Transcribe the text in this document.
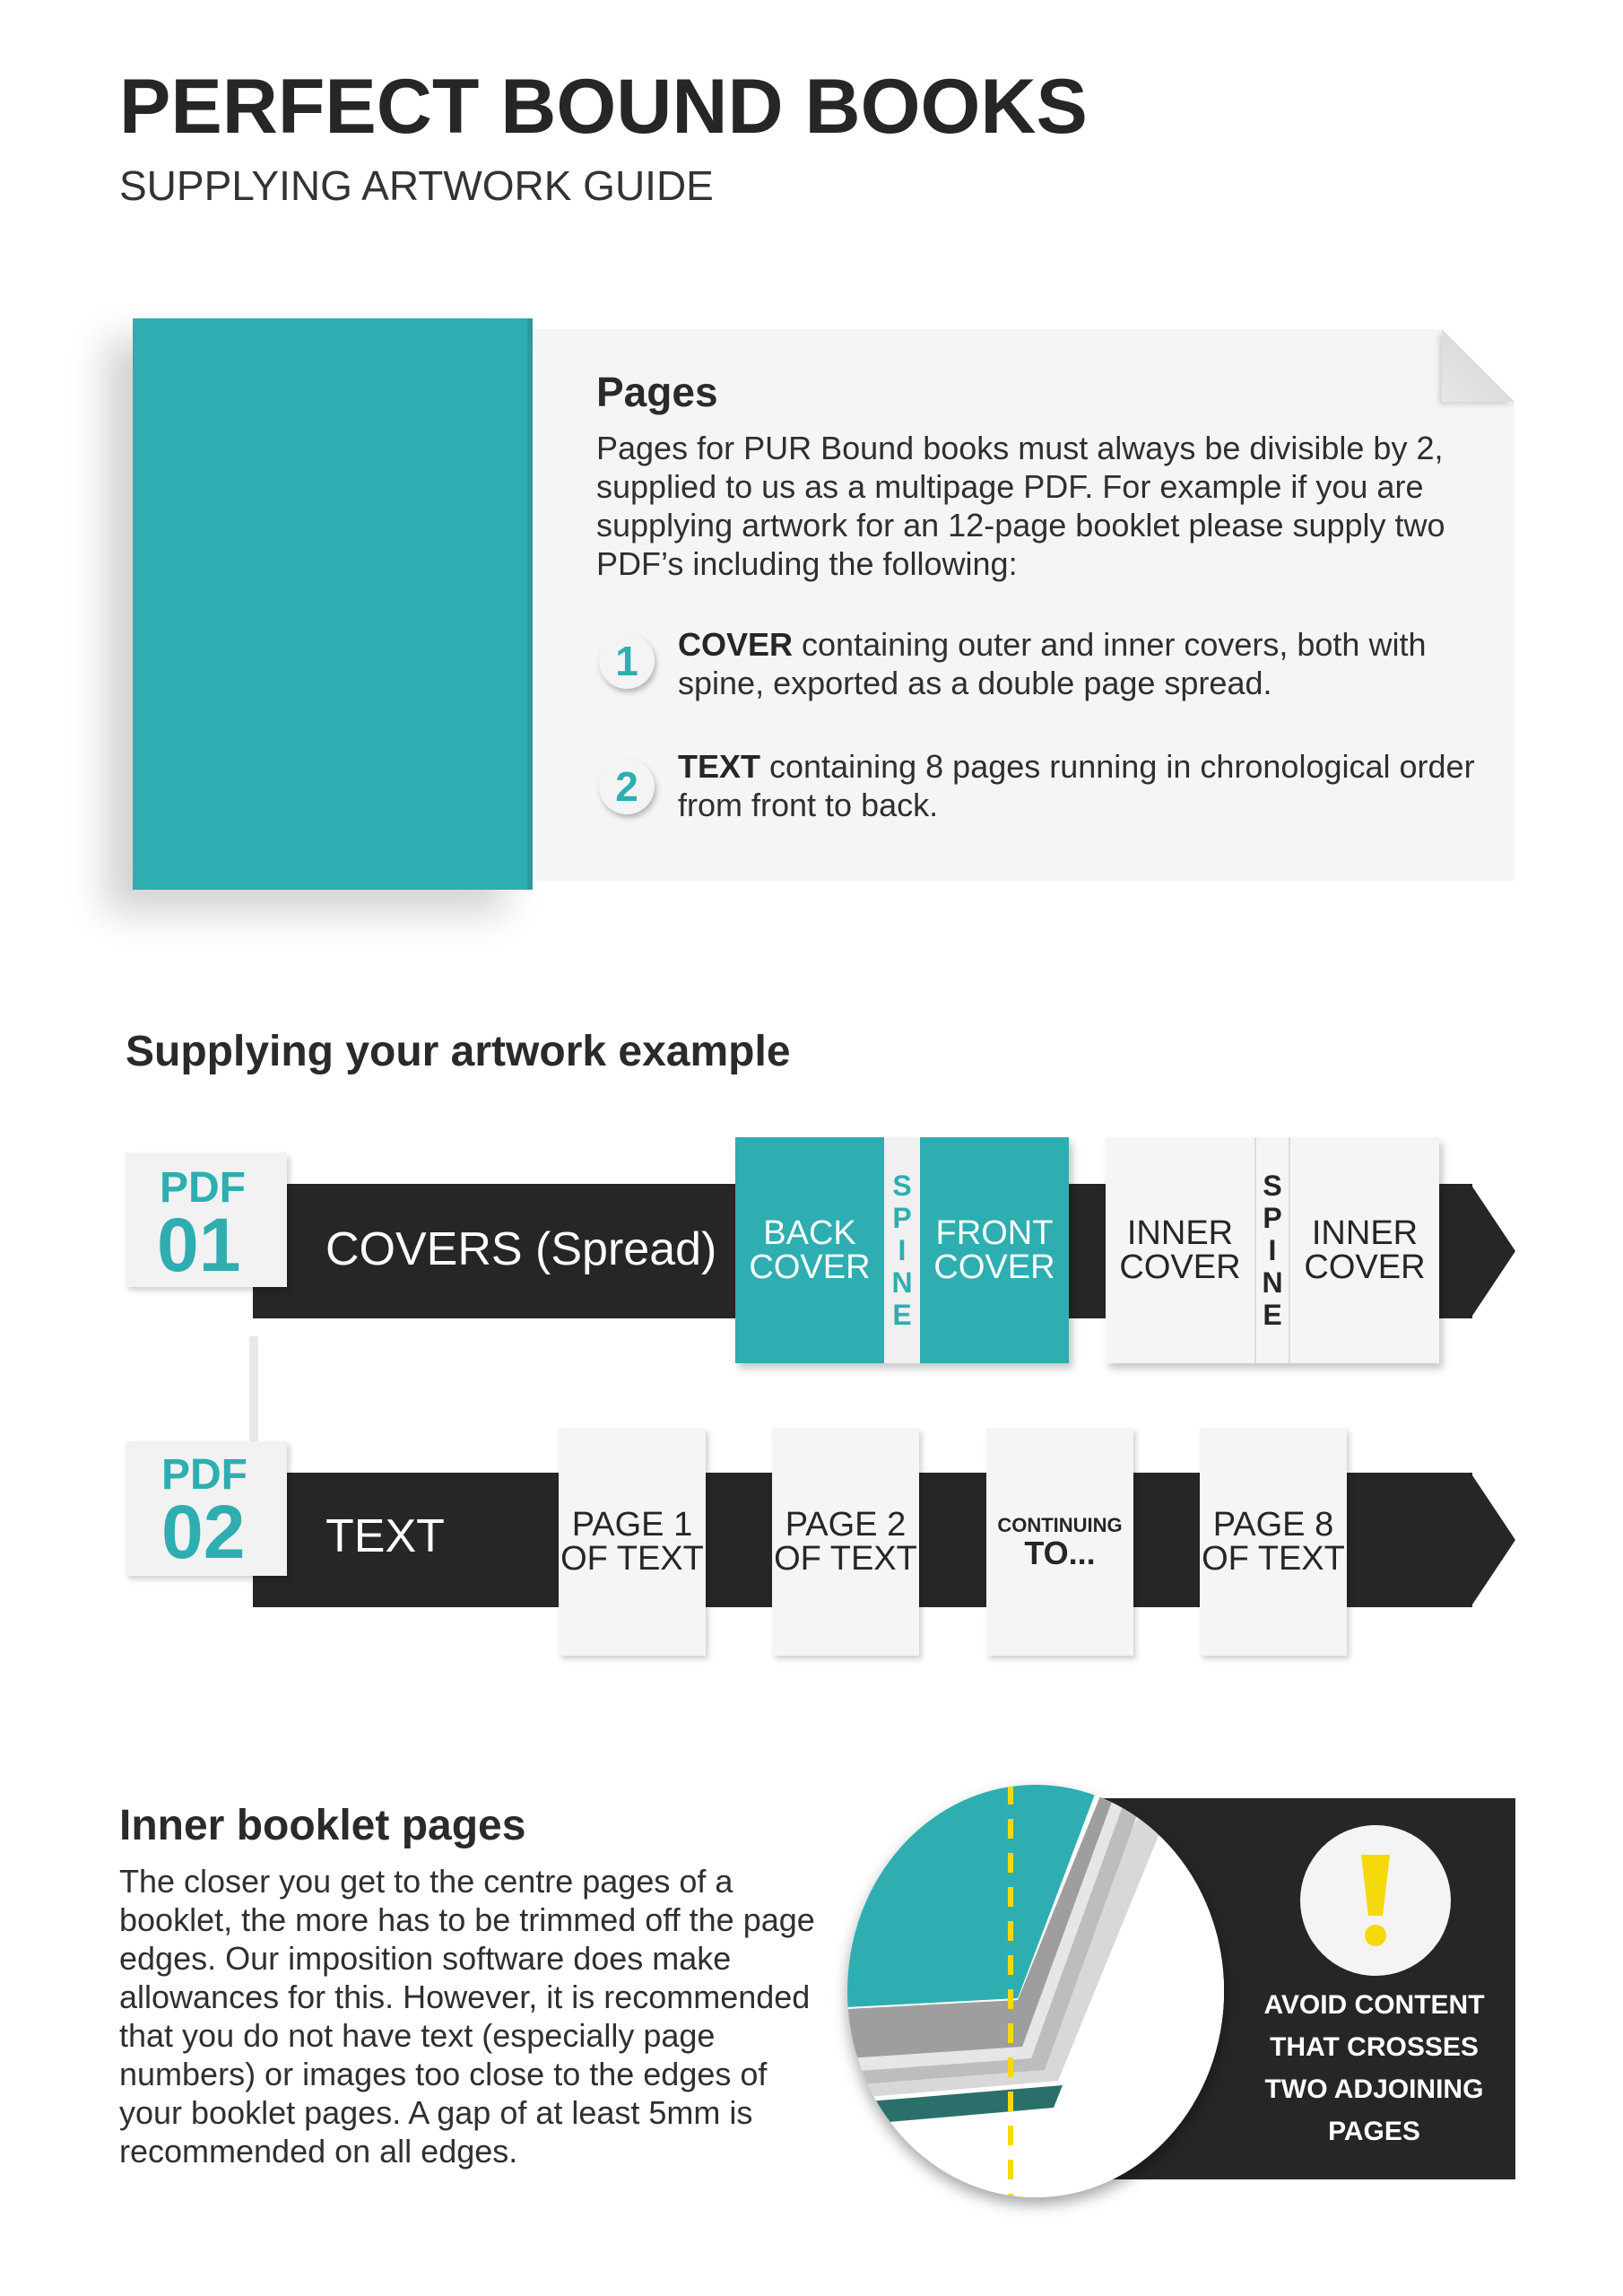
PERFECT BOUND BOOKS
SUPPLYING ARTWORK GUIDE
Pages
Pages for PUR Bound books must always be divisible by 2, supplied to us as a multipage PDF. For example if you are supplying artwork for an 12-page booklet please supply two PDF’s including the following:
1	COVER containing outer and inner covers, both with spine, exported as a double page spread.
2	TEXT containing 8 pages running in chronological order from front to back.
Supplying your artwork example
PDF
01 COVERS (Spread)	BACK
COVER
S
P
I
N
E
FRONT
COVER
INNER
COVER
S
P
I
N
E
INNER
COVER
PDF
02 TEXT	PAGE 1
OF TEXT
PAGE 2
OF TEXT
CONTINUING
TO...
PAGE 8
OF TEXT
Inner booklet pages
The closer you get to the centre pages of a booklet, the more has to be trimmed off the page edges. Our imposition software does make allowances for this. However, it is recommended that you do not have text (especially page numbers) or images too close to the edges of your booklet pages. A gap of at least 5mm is recommended on all edges.
AVOID CONTENT
THAT CROSSES
TWO ADJOINING
PAGES
